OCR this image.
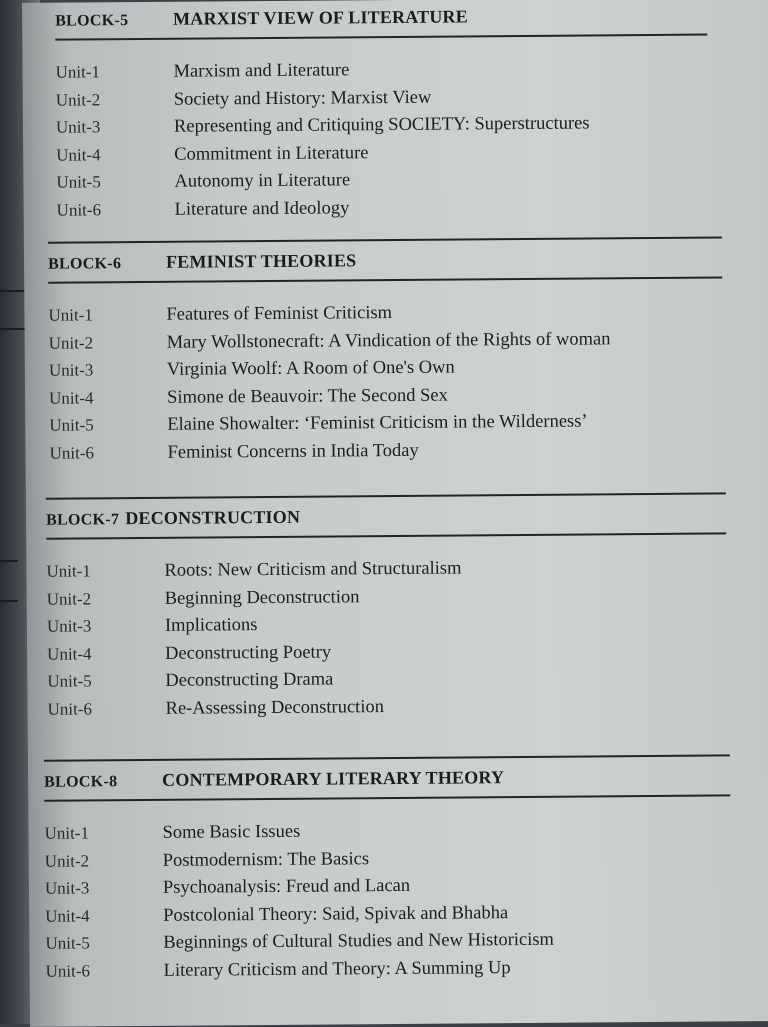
BLOCK-5	MARXIST VIEW OF LITERATURE
Unit-1	Marxism and Literature
Unit-2	Society and History: Marxist View
Unit-3	Representing and Critiquing SOCIETY: Superstructures
Unit-4	Commitment in Literature
Unit-5	Autonomy in Literature
Unit-6	Literature and Ideology
BLOCK-6	FEMINIST THEORIES
Unit-1	Features of Feminist Criticism
Unit-2	Mary Wollstonecraft: A Vindication of the Rights of woman
Unit-3	Virginia Woolf: A Room of One's Own
Unit-4	Simone de Beauvoir: The Second Sex
Unit-5	Elaine Showalter: ‘Feminist Criticism in the Wilderness’
Unit-6	Feminist Concerns in India Today
BLOCK-7 DECONSTRUCTION
Unit-1	Roots: New Criticism and Structuralism
Unit-2	Beginning Deconstruction
Unit-3	Implications
Unit-4	Deconstructing Poetry
Unit-5	Deconstructing Drama
Unit-6	Re-Assessing Deconstruction
BLOCK-8	CONTEMPORARY LITERARY THEORY
Unit-1	Some Basic Issues
Unit-2	Postmodernism: The Basics
Unit-3	Psychoanalysis: Freud and Lacan
Unit-4	Postcolonial Theory: Said, Spivak and Bhabha
Unit-5	Beginnings of Cultural Studies and New Historicism
Unit-6	Literary Criticism and Theory: A Summing Up
